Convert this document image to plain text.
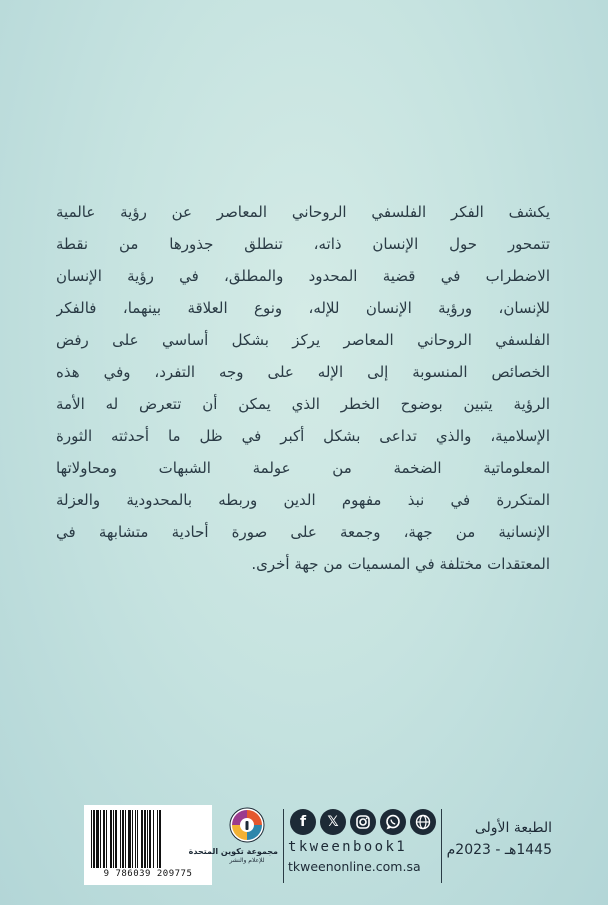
يكشف الفكر الفلسفي الروحاني المعاصر عن رؤية عالمية
تتمحور حول الإنسان ذاته، تنطلق جذورها من نقطة
الاضطراب في قضية المحدود والمطلق، في رؤية الإنسان
للإنسان، ورؤية الإنسان للإله، ونوع العلاقة بينهما، فالفكر
الفلسفي الروحاني المعاصر يركز بشكل أساسي على رفض
الخصائص المنسوبة إلى الإله على وجه التفرد، وفي هذه
الرؤية يتبين بوضوح الخطر الذي يمكن أن تتعرض له الأمة
الإسلامية، والذي تداعى بشكل أكبر في ظل ما أحدثته الثورة
المعلوماتية الضخمة من عولمة الشبهات ومحاولاتها
المتكررة في نبذ مفهوم الدين وربطه بالمحدودية والعزلة
الإنسانية من جهة، وجمعة على صورة أحادية متشابهة في
المعتقدات مختلفة في المسميات من جهة أخرى.
9 786039 209775
مجموعة تكوين المتحدة
للإعلام والنشر
f	𝕏
tkweenbook1
tkweenonline.com.sa
الطبعة الأولى
1445هـ - 2023م
